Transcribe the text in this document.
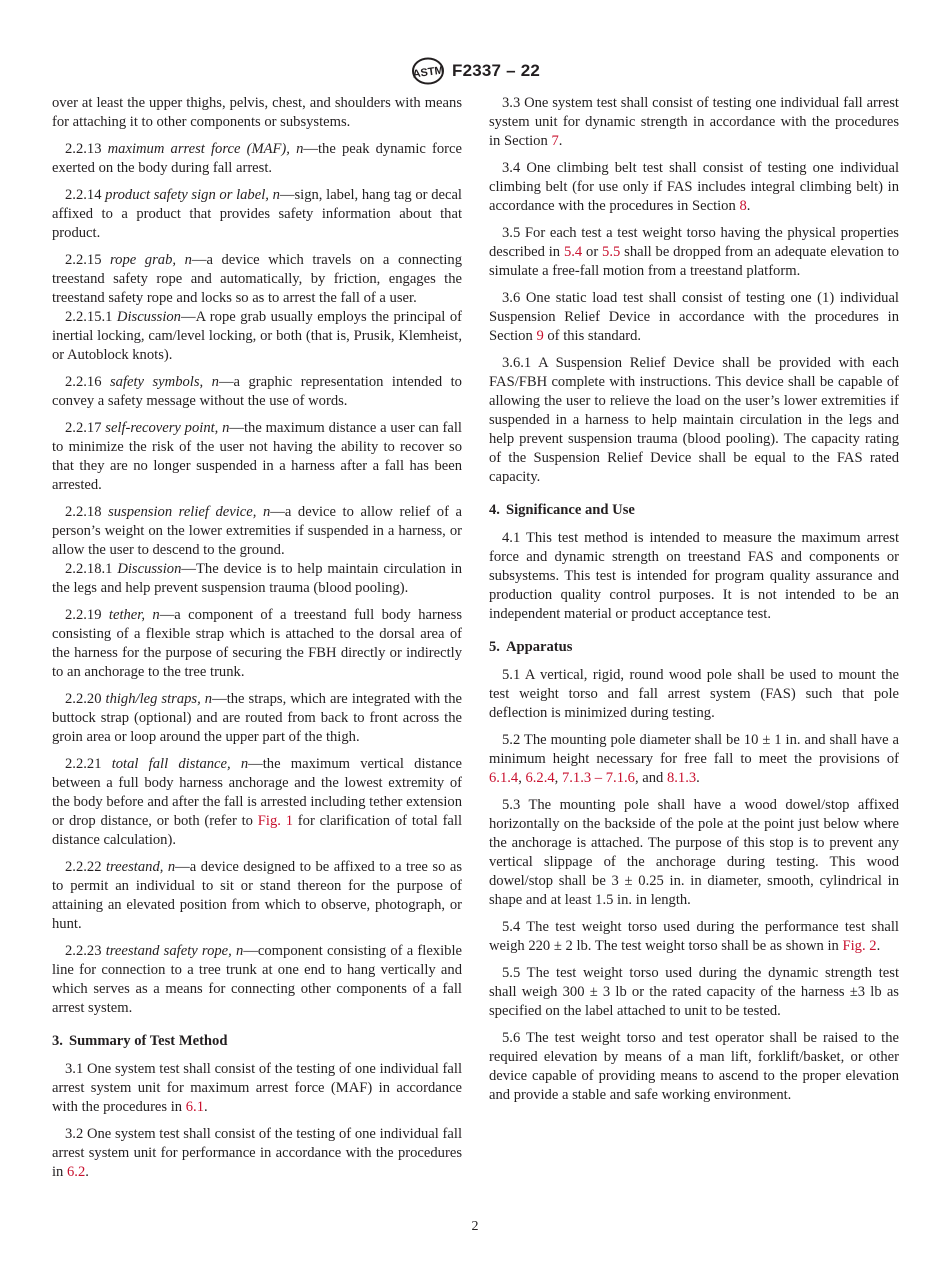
ASTM F2337 – 22

over at least the upper thighs, pelvis, chest, and shoulders with means for attaching it to other components or subsystems.

2.2.13 maximum arrest force (MAF), n—the peak dynamic force exerted on the body during fall arrest.

2.2.14 product safety sign or label, n—sign, label, hang tag or decal affixed to a product that provides safety information about that product.

2.2.15 rope grab, n—a device which travels on a connecting treestand safety rope and automatically, by friction, engages the treestand safety rope and locks so as to arrest the fall of a user.

2.2.15.1 Discussion—A rope grab usually employs the principal of inertial locking, cam/level locking, or both (that is, Prusik, Klemheist, or Autoblock knots).

2.2.16 safety symbols, n—a graphic representation intended to convey a safety message without the use of words.

2.2.17 self-recovery point, n—the maximum distance a user can fall to minimize the risk of the user not having the ability to recover so that they are no longer suspended in a harness after a fall has been arrested.

2.2.18 suspension relief device, n—a device to allow relief of a person’s weight on the lower extremities if suspended in a harness, or allow the user to descend to the ground.

2.2.18.1 Discussion—The device is to help maintain circulation in the legs and help prevent suspension trauma (blood pooling).

2.2.19 tether, n—a component of a treestand full body harness consisting of a flexible strap which is attached to the dorsal area of the harness for the purpose of securing the FBH directly or indirectly to an anchorage to the tree trunk.

2.2.20 thigh/leg straps, n—the straps, which are integrated with the buttock strap (optional) and are routed from back to front across the groin area or loop around the upper part of the thigh.

2.2.21 total fall distance, n—the maximum vertical distance between a full body harness anchorage and the lowest extremity of the body before and after the fall is arrested including tether extension or drop distance, or both (refer to Fig. 1 for clarification of total fall distance calculation).

2.2.22 treestand, n—a device designed to be affixed to a tree so as to permit an individual to sit or stand thereon for the purpose of attaining an elevated position from which to observe, photograph, or hunt.

2.2.23 treestand safety rope, n—component consisting of a flexible line for connection to a tree trunk at one end to hang vertically and which serves as a means for connecting other components of a fall arrest system.

3. Summary of Test Method

3.1 One system test shall consist of the testing of one individual fall arrest system unit for maximum arrest force (MAF) in accordance with the procedures in 6.1.

3.2 One system test shall consist of the testing of one individual fall arrest system unit for performance in accordance with the procedures in 6.2.

3.3 One system test shall consist of testing one individual fall arrest system unit for dynamic strength in accordance with the procedures in Section 7.

3.4 One climbing belt test shall consist of testing one individual climbing belt (for use only if FAS includes integral climbing belt) in accordance with the procedures in Section 8.

3.5 For each test a test weight torso having the physical properties described in 5.4 or 5.5 shall be dropped from an adequate elevation to simulate a free-fall motion from a treestand platform.

3.6 One static load test shall consist of testing one (1) individual Suspension Relief Device in accordance with the procedures in Section 9 of this standard.

3.6.1 A Suspension Relief Device shall be provided with each FAS/FBH complete with instructions. This device shall be capable of allowing the user to relieve the load on the user’s lower extremities if suspended in a harness to help maintain circulation in the legs and help prevent suspension trauma (blood pooling). The capacity rating of the Suspension Relief Device shall be equal to the FAS rated capacity.

4. Significance and Use

4.1 This test method is intended to measure the maximum arrest force and dynamic strength on treestand FAS and components or subsystems. This test is intended for program quality assurance and production quality control purposes. It is not intended to be an independent material or product acceptance test.

5. Apparatus

5.1 A vertical, rigid, round wood pole shall be used to mount the test weight torso and fall arrest system (FAS) such that pole deflection is minimized during testing.

5.2 The mounting pole diameter shall be 10 ± 1 in. and shall have a minimum height necessary for free fall to meet the provisions of 6.1.4, 6.2.4, 7.1.3 – 7.1.6, and 8.1.3.

5.3 The mounting pole shall have a wood dowel/stop affixed horizontally on the backside of the pole at the point just below where the anchorage is attached. The purpose of this stop is to prevent any vertical slippage of the anchorage during testing. This wood dowel/stop shall be 3 ± 0.25 in. in diameter, smooth, cylindrical in shape and at least 1.5 in. in length.

5.4 The test weight torso used during the performance test shall weigh 220 ± 2 lb. The test weight torso shall be as shown in Fig. 2.

5.5 The test weight torso used during the dynamic strength test shall weigh 300 ± 3 lb or the rated capacity of the harness ±3 lb as specified on the label attached to unit to be tested.

5.6 The test weight torso and test operator shall be raised to the required elevation by means of a man lift, forklift/basket, or other device capable of providing means to ascend to the proper elevation and provide a stable and safe working environment.

2
